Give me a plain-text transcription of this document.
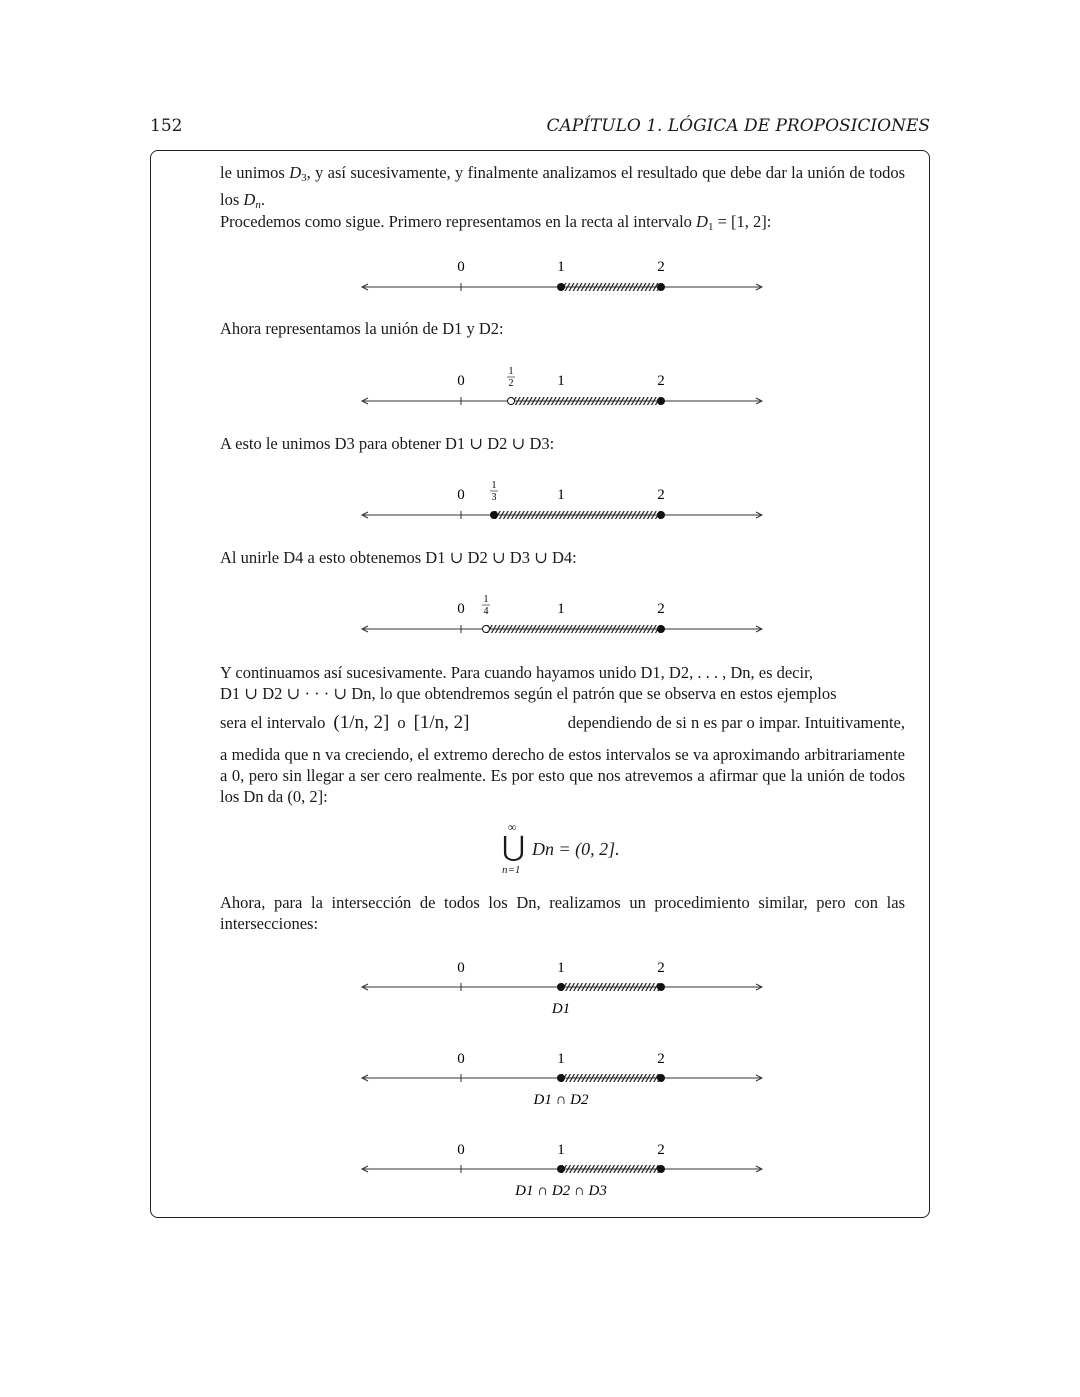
152	CAPÍTULO 1. LÓGICA DE PROPOSICIONES
le unimos $D_3$, y así sucesivamente, y finalmente analizamos el resultado que debe dar la unión de todos los $D_n$.
Procedemos como sigue. Primero representamos en la recta al intervalo $D_1 = [1$, 2]:
0	1	2
Ahora representamos la unión de D1 y D2:
0
1
2	1	2
A esto le unimos D3 para obtener D1 ∪ D2 ∪ D3:
0
1
3	1	2
Al unirle D4 a esto obtenemos D1 ∪ D2 ∪ D3 ∪ D4:
0
1
4	1	2
Y continuamos así sucesivamente. Para cuando hayamos unido D1, D2, . . . , Dn, es decir,
D1 ∪ D2 ∪ · · · ∪ Dn, lo que obtendremos según el patrón que se observa en estos ejemplos
sera el intervalo (1/n, 2] o [1/n, 2]	dependiendo de si n es par o impar. Intuitivamente,
a medida que n va creciendo, el extremo derecho de estos intervalos se va aproximando arbitrariamente a 0, pero sin llegar a ser cero realmente. Es por esto que nos atrevemos a afirmar que la unión de todos los Dn da (0, 2]:
∞
⋃
n=1
Dn = (0, 2].
Ahora, para la intersección de todos los Dn, realizamos un procedimiento similar, pero con las intersecciones:
0	1	2
D1
0	1	2
D1 ∩ D2
0	1	2
D1 ∩ D2 ∩ D3
